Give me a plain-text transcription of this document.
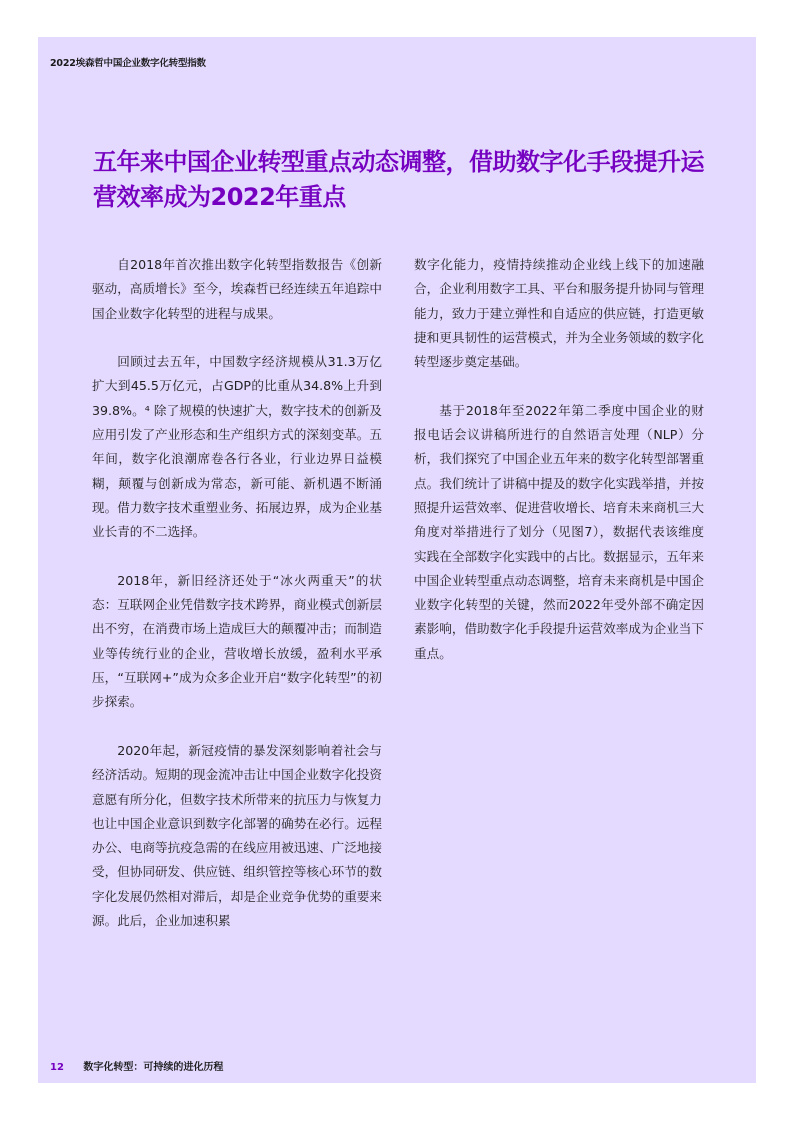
2022埃森哲中国企业数字化转型指数
五年来中国企业转型重点动态调整，借助数字化手段提升运营效率成为2022年重点

自2018年首次推出数字化转型指数报告《创新驱动，高质增长》至今，埃森哲已经连续五年追踪中国企业数字化转型的进程与成果。

回顾过去五年，中国数字经济规模从31.3万亿扩大到45.5万亿元，占GDP的比重从34.8%上升到39.8%。⁴ 除了规模的快速扩大，数字技术的创新及应用引发了产业形态和生产组织方式的深刻变革。五年间，数字化浪潮席卷各行各业，行业边界日益模糊，颠覆与创新成为常态，新可能、新机遇不断涌现。借力数字技术重塑业务、拓展边界，成为企业基业长青的不二选择。

2018年，新旧经济还处于“冰火两重天”的状态：互联网企业凭借数字技术跨界，商业模式创新层出不穷，在消费市场上造成巨大的颠覆冲击；而制造业等传统行业的企业，营收增长放缓，盈利水平承压，“互联网+”成为众多企业开启“数字化转型”的初步探索。

2020年起，新冠疫情的暴发深刻影响着社会与经济活动。短期的现金流冲击让中国企业数字化投资意愿有所分化，但数字技术所带来的抗压力与恢复力也让中国企业意识到数字化部署的确势在必行。远程办公、电商等抗疫急需的在线应用被迅速、广泛地接受，但协同研发、供应链、组织管控等核心环节的数字化发展仍然相对滞后，却是企业竞争优势的重要来源。此后，企业加速积累

数字化能力，疫情持续推动企业线上线下的加速融合，企业利用数字工具、平台和服务提升协同与管理能力，致力于建立弹性和自适应的供应链，打造更敏捷和更具韧性的运营模式，并为全业务领域的数字化转型逐步奠定基础。

基于2018年至2022年第二季度中国企业的财报电话会议讲稿所进行的自然语言处理（NLP）分析，我们探究了中国企业五年来的数字化转型部署重点。我们统计了讲稿中提及的数字化实践举措，并按照提升运营效率、促进营收增长、培育未来商机三大角度对举措进行了划分（见图7），数据代表该维度实践在全部数字化实践中的占比。数据显示，五年来中国企业转型重点动态调整，培育未来商机是中国企业数字化转型的关键，然而2022年受外部不确定因素影响，借助数字化手段提升运营效率成为企业当下重点。

12 数字化转型：可持续的进化历程
